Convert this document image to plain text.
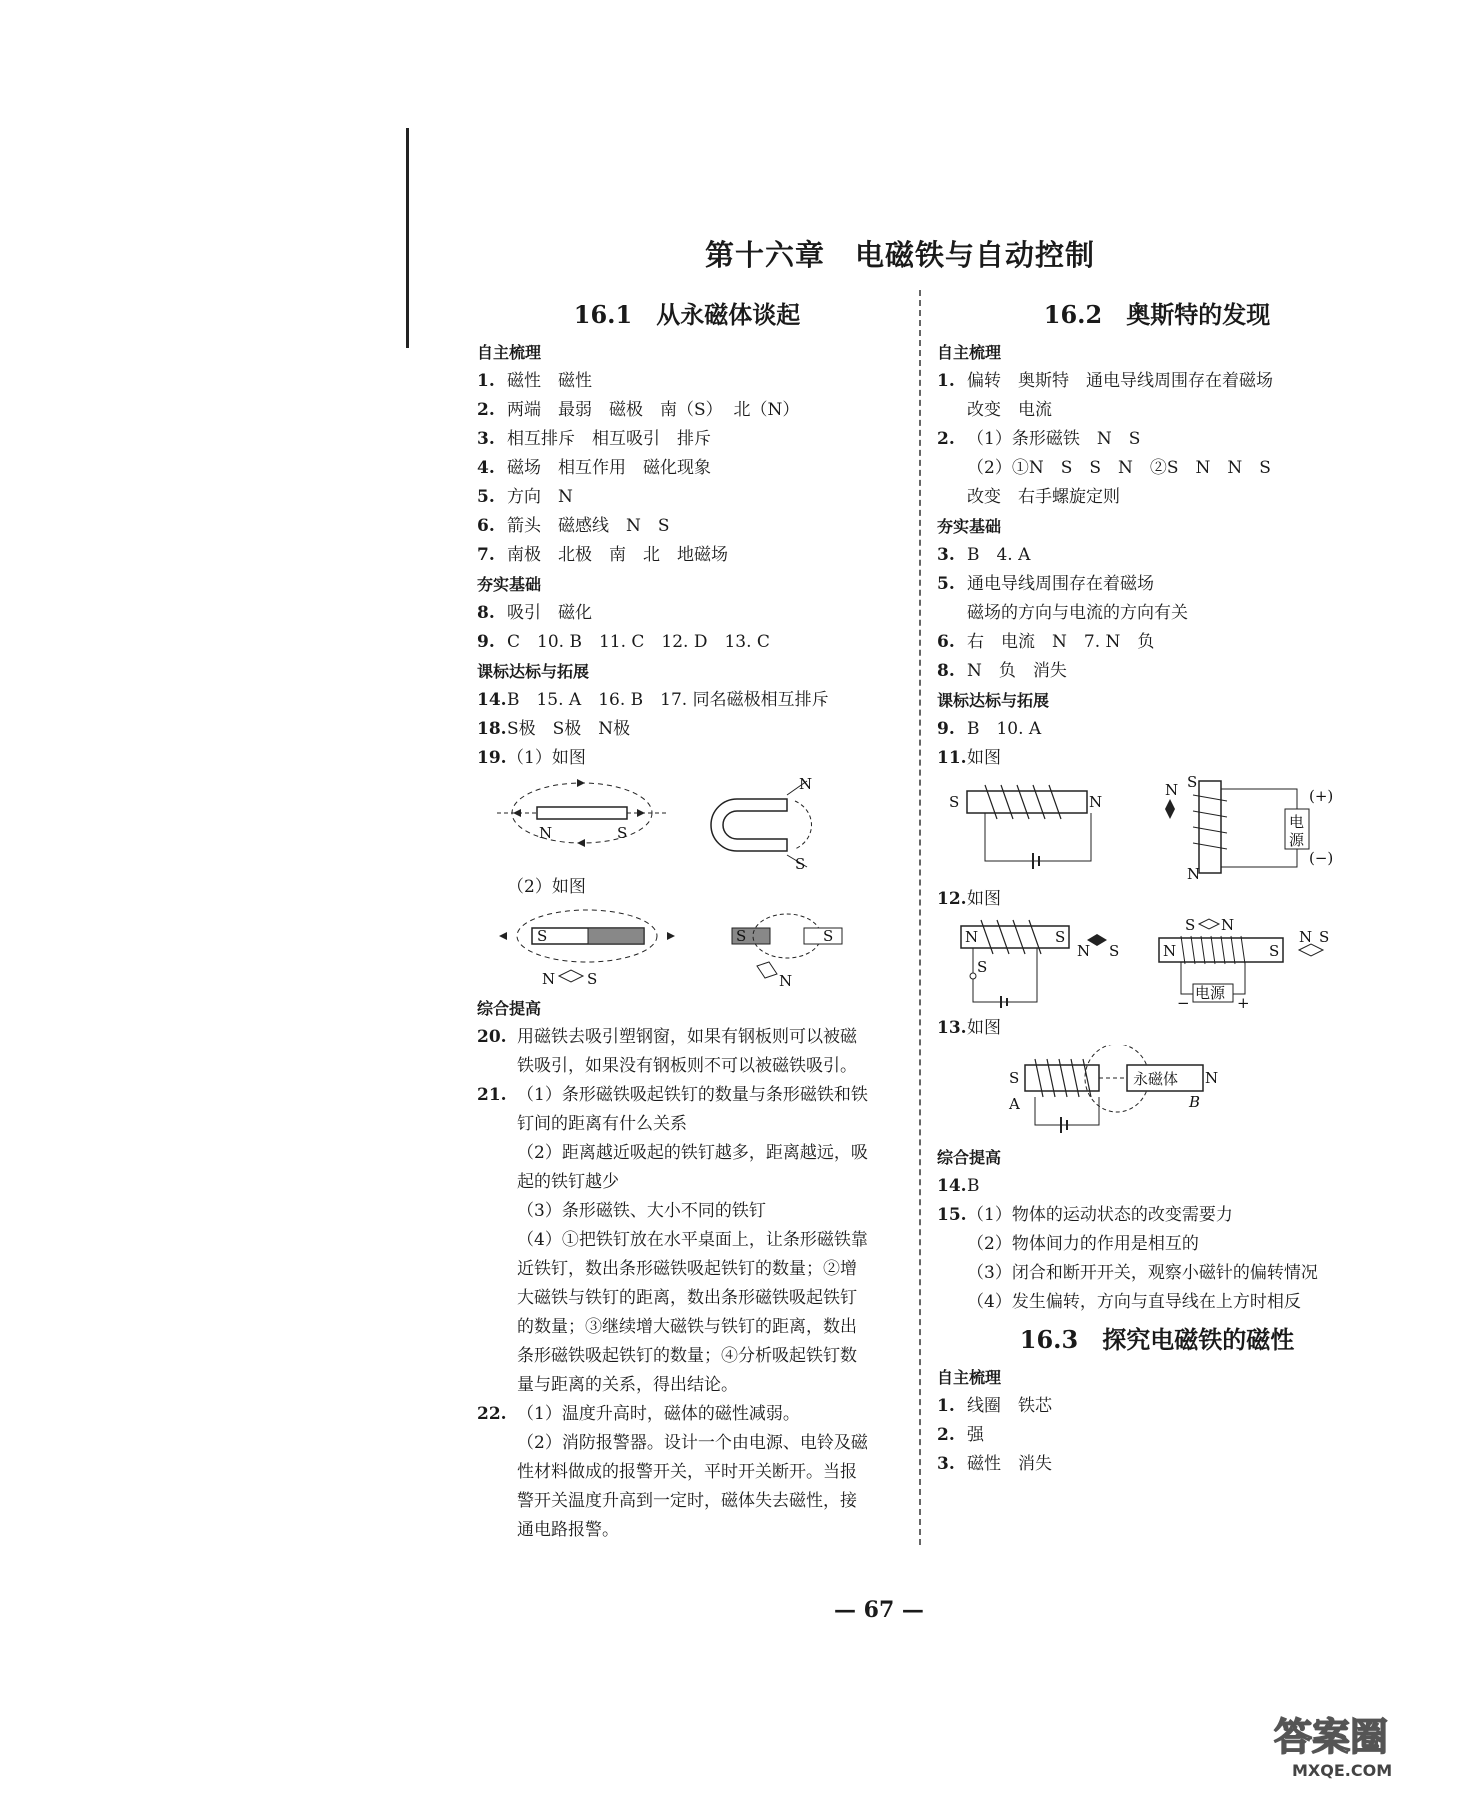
第十六章　电磁铁与自动控制
16.1　从永磁体谈起
自主梳理
1. 磁性　磁性
2. 两端　最弱　磁极　南（S）  北（N）
3. 相互排斥　相互吸引　排斥
4. 磁场　相互作用　磁化现象
5. 方向　N
6. 箭头　磁感线　N　S
7. 南极　北极　南　北　地磁场
夯实基础
8. 吸引　磁化
9. C　10. B　11. C　12. D　13. C
课标达标与拓展
14. B　15. A　16. B　17. 同名磁极相互排斥
18. S极　S极　N极
19. （1）如图
N	S
N
S
（2）如图
S
N S
S	S
N
综合提高
20. 用磁铁去吸引塑钢窗，如果有钢板则可以被磁
铁吸引，如果没有钢板则不可以被磁铁吸引。
21. （1）条形磁铁吸起铁钉的数量与条形磁铁和铁
钉间的距离有什么关系
（2）距离越近吸起的铁钉越多，距离越远，吸
起的铁钉越少
（3）条形磁铁、大小不同的铁钉
（4）①把铁钉放在水平桌面上，让条形磁铁靠
近铁钉，数出条形磁铁吸起铁钉的数量；②增
大磁铁与铁钉的距离，数出条形磁铁吸起铁钉
的数量；③继续增大磁铁与铁钉的距离，数出
条形磁铁吸起铁钉的数量；④分析吸起铁钉数
量与距离的关系，得出结论。
22. （1）温度升高时，磁体的磁性减弱。
（2）消防报警器。设计一个由电源、电铃及磁
性材料做成的报警开关，平时开关断开。当报
警开关温度升高到一定时，磁体失去磁性，接
通电路报警。
16.2　奥斯特的发现
自主梳理
1. 偏转　奥斯特　通电导线周围存在着磁场
改变　电流
2. （1）条形磁铁　N　S
（2）①N　S　S　N　②S　N　N　S
改变　右手螺旋定则
夯实基础
3. B　4. A
5. 通电导线周围存在着磁场
磁场的方向与电流的方向有关
6. 右　电流　N　7. N　负
8. N　负　消失
课标达标与拓展
9. B　10. A
11. 如图
S	N
N S
N
电
源
(+)
(−)
12. 如图
N	S
S
N S
S N
N	S
电源
−	+
N S
13. 如图
S
A
永磁体 N
B
综合提高
14. B
15. （1）物体的运动状态的改变需要力
（2）物体间力的作用是相互的
（3）闭合和断开开关，观察小磁针的偏转情况
（4）发生偏转，方向与直导线在上方时相反
16.3　探究电磁铁的磁性
自主梳理
1. 线圈　铁芯
2. 强
3. 磁性　消失
— 67 —
答案圈
MXQE.COM
